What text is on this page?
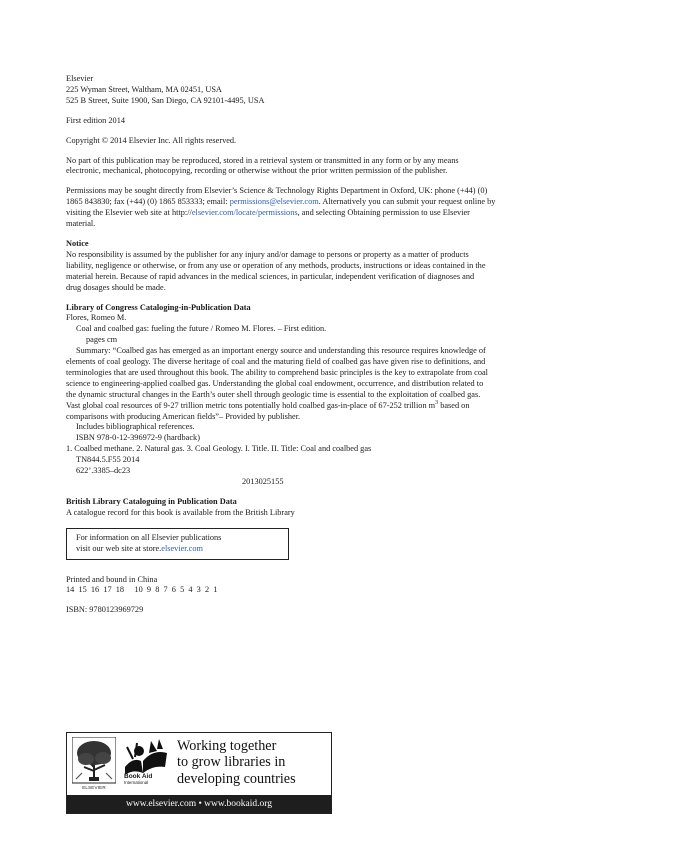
Elsevier

225 Wyman Street, Waltham, MA 02451, USA

525 B Street, Suite 1900, San Diego, CA 92101-4495, USA

First edition 2014

Copyright © 2014 Elsevier Inc. All rights reserved.

No part of this publication may be reproduced, stored in a retrieval system or transmitted in any form or by any means

electronic, mechanical, photocopying, recording or otherwise without the prior written permission of the publisher.

Permissions may be sought directly from Elsevier’s Science & Technology Rights Department in Oxford, UK: phone (+44) (0)

1865 843830; fax (+44) (0) 1865 853333; email: permissions@elsevier.com. Alternatively you can submit your request online by

visiting the Elsevier web site at http://elsevier.com/locate/permissions, and selecting Obtaining permission to use Elsevier

material.

Notice

No responsibility is assumed by the publisher for any injury and/or damage to persons or property as a matter of products

liability, negligence or otherwise, or from any use or operation of any methods, products, instructions or ideas contained in the

material herein. Because of rapid advances in the medical sciences, in particular, independent verification of diagnoses and

drug dosages should be made.

Library of Congress Cataloging-in-Publication Data

Flores, Romeo M.

Coal and coalbed gas: fueling the future / Romeo M. Flores. – First edition.

pages cm

Summary: “Coalbed gas has emerged as an important energy source and understanding this resource requires knowledge of

elements of coal geology. The diverse heritage of coal and the maturing field of coalbed gas have given rise to definitions, and

terminologies that are used throughout this book. The ability to comprehend basic principles is the key to extrapolate from coal

science to engineering-applied coalbed gas. Understanding the global coal endowment, occurrence, and distribution related to

the dynamic structural changes in the Earth’s outer shell through geologic time is essential to the exploitation of coalbed gas.

Vast global coal resources of 9-27 trillion metric tons potentially hold coalbed gas-in-place of 67-252 trillion $m^3$ based on

comparisons with producing American fields”– Provided by publisher.

Includes bibliographical references.

ISBN 978-0-12-396972-9 (hardback)

1. Coalbed methane. 2. Natural gas. 3. Coal Geology. I. Title. II. Title: Coal and coalbed gas

TN844.5.F55 2014

622’.3385–dc23

2013025155

British Library Cataloguing in Publication Data

A catalogue record for this book is available from the British Library

For information on all Elsevier publications

visit our web site at store.elsevier.com

Printed and bound in China

14  15  16  17  18     10  9  8  7  6  5  4  3  2  1

ISBN: 9780123969729

ELSEVIER
Book Aid
International
Working together
to grow libraries in
developing countries
www.elsevier.com • www.bookaid.org
